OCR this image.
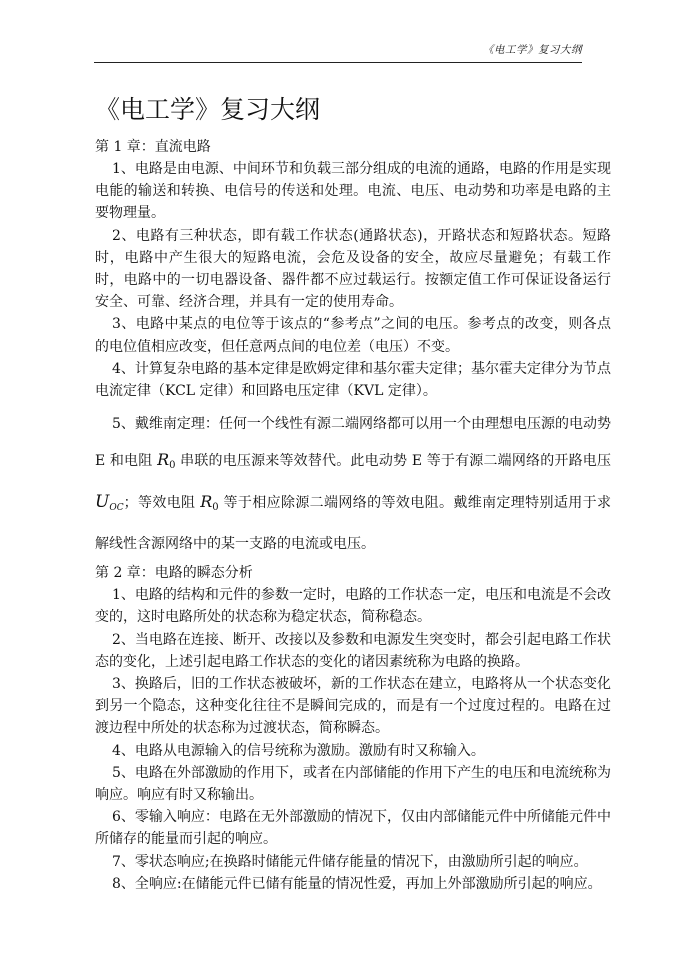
《电工学》复习大纲
《电工学》复习大纲

第 1 章：直流电路

1、电路是由电源、中间环节和负载三部分组成的电流的通路，电路的作用是实现电能的输送和转换、电信号的传送和处理。电流、电压、电动势和功率是电路的主要物理量。

2、电路有三种状态，即有载工作状态(通路状态)，开路状态和短路状态。短路时，电路中产生很大的短路电流，会危及设备的安全，故应尽量避免；有载工作时，电路中的一切电器设备、器件都不应过载运行。按额定值工作可保证设备运行安全、可靠、经济合理，并具有一定的使用寿命。

3、电路中某点的电位等于该点的“参考点”之间的电压。参考点的改变，则各点的电位值相应改变，但任意两点间的电位差（电压）不变。

4、计算复杂电路的基本定律是欧姆定律和基尔霍夫定律；基尔霍夫定律分为节点电流定律（KCL 定律）和回路电压定律（KVL 定律）。

5、戴维南定理：任何一个线性有源二端网络都可以用一个由理想电压源的电动势 E 和电阻 $R_0$ 串联的电压源来等效替代。此电动势 E 等于有源二端网络的开路电压$U_{OC}$；等效电阻 $R_0$ 等于相应除源二端网络的等效电阻。戴维南定理特别适用于求解线性含源网络中的某一支路的电流或电压。

第 2 章：电路的瞬态分析

1、电路的结构和元件的参数一定时，电路的工作状态一定，电压和电流是不会改变的，这时电路所处的状态称为稳定状态，简称稳态。

2、当电路在连接、断开、改接以及参数和电源发生突变时，都会引起电路工作状态的变化，上述引起电路工作状态的变化的诸因素统称为电路的换路。

3、换路后，旧的工作状态被破坏，新的工作状态在建立，电路将从一个状态变化到另一个隐态，这种变化往往不是瞬间完成的，而是有一个过度过程的。电路在过渡边程中所处的状态称为过渡状态，简称瞬态。

4、电路从电源输入的信号统称为激励。激励有时又称输入。

5、电路在外部激励的作用下，或者在内部储能的作用下产生的电压和电流统称为响应。响应有时又称输出。

6、零输入响应：电路在无外部激励的情况下，仅由内部储能元件中所储能元件中所储存的能量而引起的响应。

7、零状态响应;在换路时储能元件储存能量的情况下，由激励所引起的响应。

8、全响应:在储能元件已储有能量的情况性爱，再加上外部激励所引起的响应。
